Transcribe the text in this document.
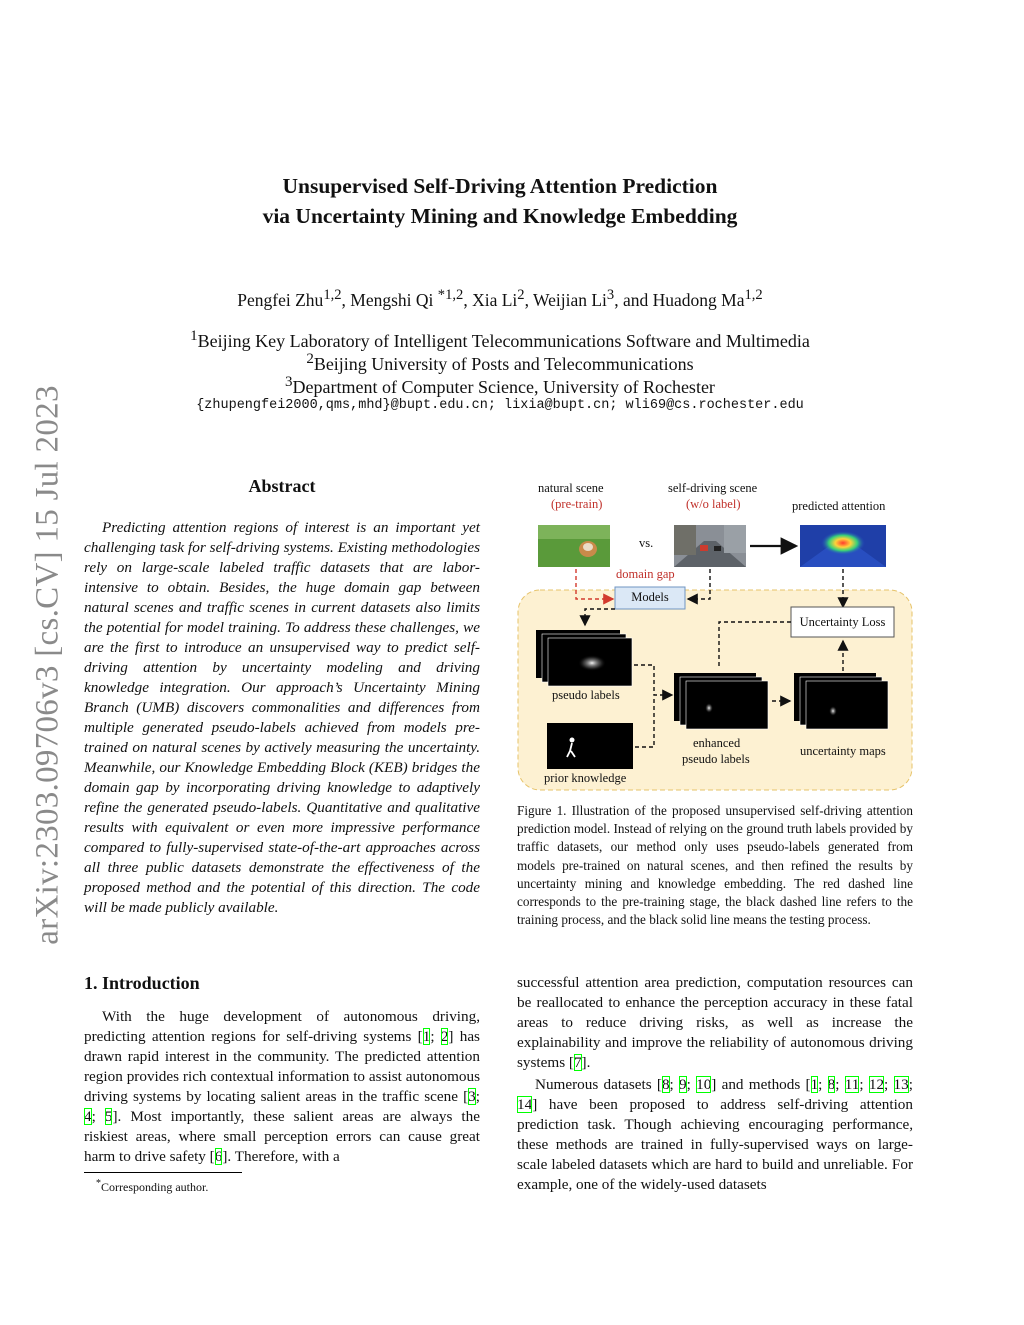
arXiv:2303.09706v3 [cs.CV] 15 Jul 2023
Unsupervised Self-Driving Attention Prediction
via Uncertainty Mining and Knowledge Embedding
Pengfei Zhu$^{1,2}$, Mengshi Qi $^{*1,2}$, Xia Li$^2$, Weijian Li$^3$, and Huadong Ma$^{1,2}$
$^1$Beijing Key Laboratory of Intelligent Telecommunications Software and Multimedia
$^2$Beijing University of Posts and Telecommunications
$^3$Department of Computer Science, University of Rochester
{zhupengfei2000,qms,mhd}@bupt.edu.cn; lixia@bupt.cn; wli69@cs.rochester.edu
Abstract
Predicting attention regions of interest is an important yet challenging task for self-driving systems. Existing methodologies rely on large-scale labeled traffic datasets that are labor-intensive to obtain. Besides, the huge domain gap between natural scenes and traffic scenes in current datasets also limits the potential for model training. To address these challenges, we are the first to introduce an unsupervised way to predict self-driving attention by uncertainty modeling and driving knowledge integration. Our approach’s Uncertainty Mining Branch (UMB) discovers commonalities and differences from multiple generated pseudo-labels achieved from models pre-trained on natural scenes by actively measuring the uncertainty. Meanwhile, our Knowledge Embedding Block (KEB) bridges the domain gap by incorporating driving knowledge to adaptively refine the generated pseudo-labels. Quantitative and qualitative results with equivalent or even more impressive performance compared to fully-supervised state-of-the-art approaches across all three public datasets demonstrate the effectiveness of the proposed method and the potential of this direction. The code will be made publicly available.
1. Introduction
With the huge development of autonomous driving, predicting attention regions for self-driving systems [1; 2] has drawn rapid interest in the community. The predicted attention region provides rich contextual information to assist autonomous driving systems by locating salient areas in the traffic scene [3; 4; 5]. Most importantly, these salient areas are always the riskiest areas, where small perception errors can cause great harm to drive safety [6]. Therefore, with a
*Corresponding author.
successful attention area prediction, computation resources can be reallocated to enhance the perception accuracy in these fatal areas to reduce driving risks, as well as increase the explainability and improve the reliability of autonomous driving systems [7].
Numerous datasets [8; 9; 10] and methods [1; 8; 11; 12; 13; 14] have been proposed to address self-driving attention prediction task. Though achieving encouraging performance, these methods are trained in fully-supervised ways on large-scale labeled datasets which are hard to build and unreliable. For example, one of the widely-used datasets
natural scene
(pre-train)
self-driving scene
(w/o label)	predicted attention
vs.
domain gap
Models
Uncertainty Loss
pseudo labels
prior knowledge
enhanced
pseudo labels
uncertainty maps
Figure 1. Illustration of the proposed unsupervised self-driving attention prediction model. Instead of relying on the ground truth labels provided by traffic datasets, our method only uses pseudo-labels generated from models pre-trained on natural scenes, and then refined the results by uncertainty mining and knowledge embedding. The red dashed line corresponds to the pre-training stage, the black dashed line refers to the training process, and the black solid line means the testing process.
